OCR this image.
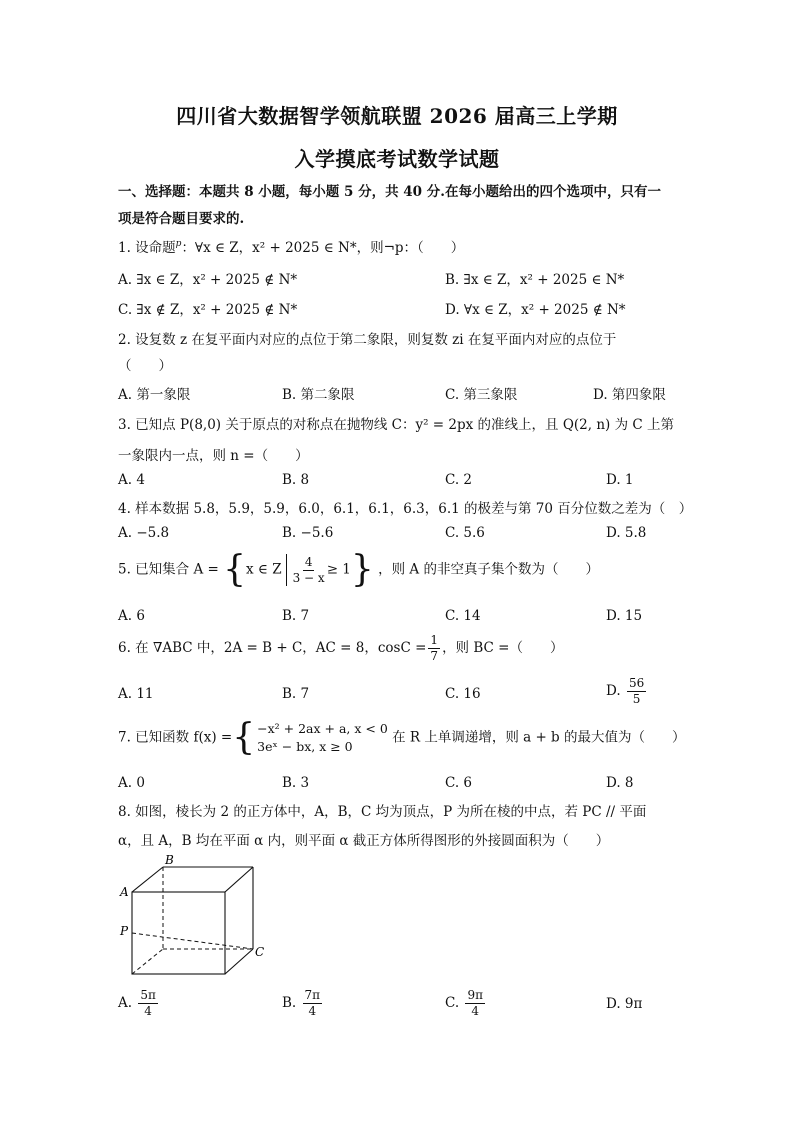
四川省大数据智学领航联盟 2026 届高三上学期
入学摸底考试数学试题
一、选择题：本题共 8 小题，每小题 5 分，共 40 分.在每小题给出的四个选项中，只有一
项是符合题目要求的.
1. 设命题$^p$：∀x ∈ Z，x² + 2025 ∈ N*，则¬p：（　　）
A. ∃x ∈ Z，x² + 2025 ∉ N*	B. ∃x ∈ Z，x² + 2025 ∈ N*
C. ∃x ∉ Z，x² + 2025 ∉ N*	D. ∀x ∈ Z，x² + 2025 ∉ N*
2. 设复数 z 在复平面内对应的点位于第二象限，则复数 zi 在复平面内对应的点位于
（　　）
A. 第一象限	B. 第二象限	C. 第三象限	D. 第四象限
3. 已知点 P(8,0) 关于原点的对称点在抛物线 C：y² = 2px 的准线上，且 Q(2, n) 为 C 上第
一象限内一点，则 n =（　　）
A. 4	B. 8	C. 2	D. 1
4. 样本数据 5.8，5.9，5.9，6.0，6.1，6.1，6.3，6.1 的极差与第 70 百分位数之差为（　）
A. −5.8	B. −5.6	C. 5.6	D. 5.8
5. 已知集合 A = {x ∈ Z $\frac{4}{3 - x} \ge 1$} ，则 A 的非空真子集个数为（　　）
A. 6	B. 7	C. 14	D. 15
6. 在 ∇ABC 中，2A = B + C，AC = 8，$\cos C = \frac{1}{7}$ ，则 BC =（　　）
A. 11	B. 7	C. 16	D. $\frac{56}{5}$
7. 已知函数 f(x) ={ −x² + 2ax + a, x < 0
3eˣ − bx, x ≥ 0
在 R 上单调递增，则 a + b 的最大值为（　　）
A. 0	B. 3	C. 6	D. 8
8. 如图，棱长为 2 的正方体中，A，B，C 均为顶点，P 为所在棱的中点，若 PC // 平面
α，且 A，B 均在平面 α 内，则平面 α 截正方体所得图形的外接圆面积为（　　）
B
A
P
C
A. $\frac{5\pi}{4}$	B. $\frac{7\pi}{4}$	C. $\frac{9\pi}{4}$	D. 9π
